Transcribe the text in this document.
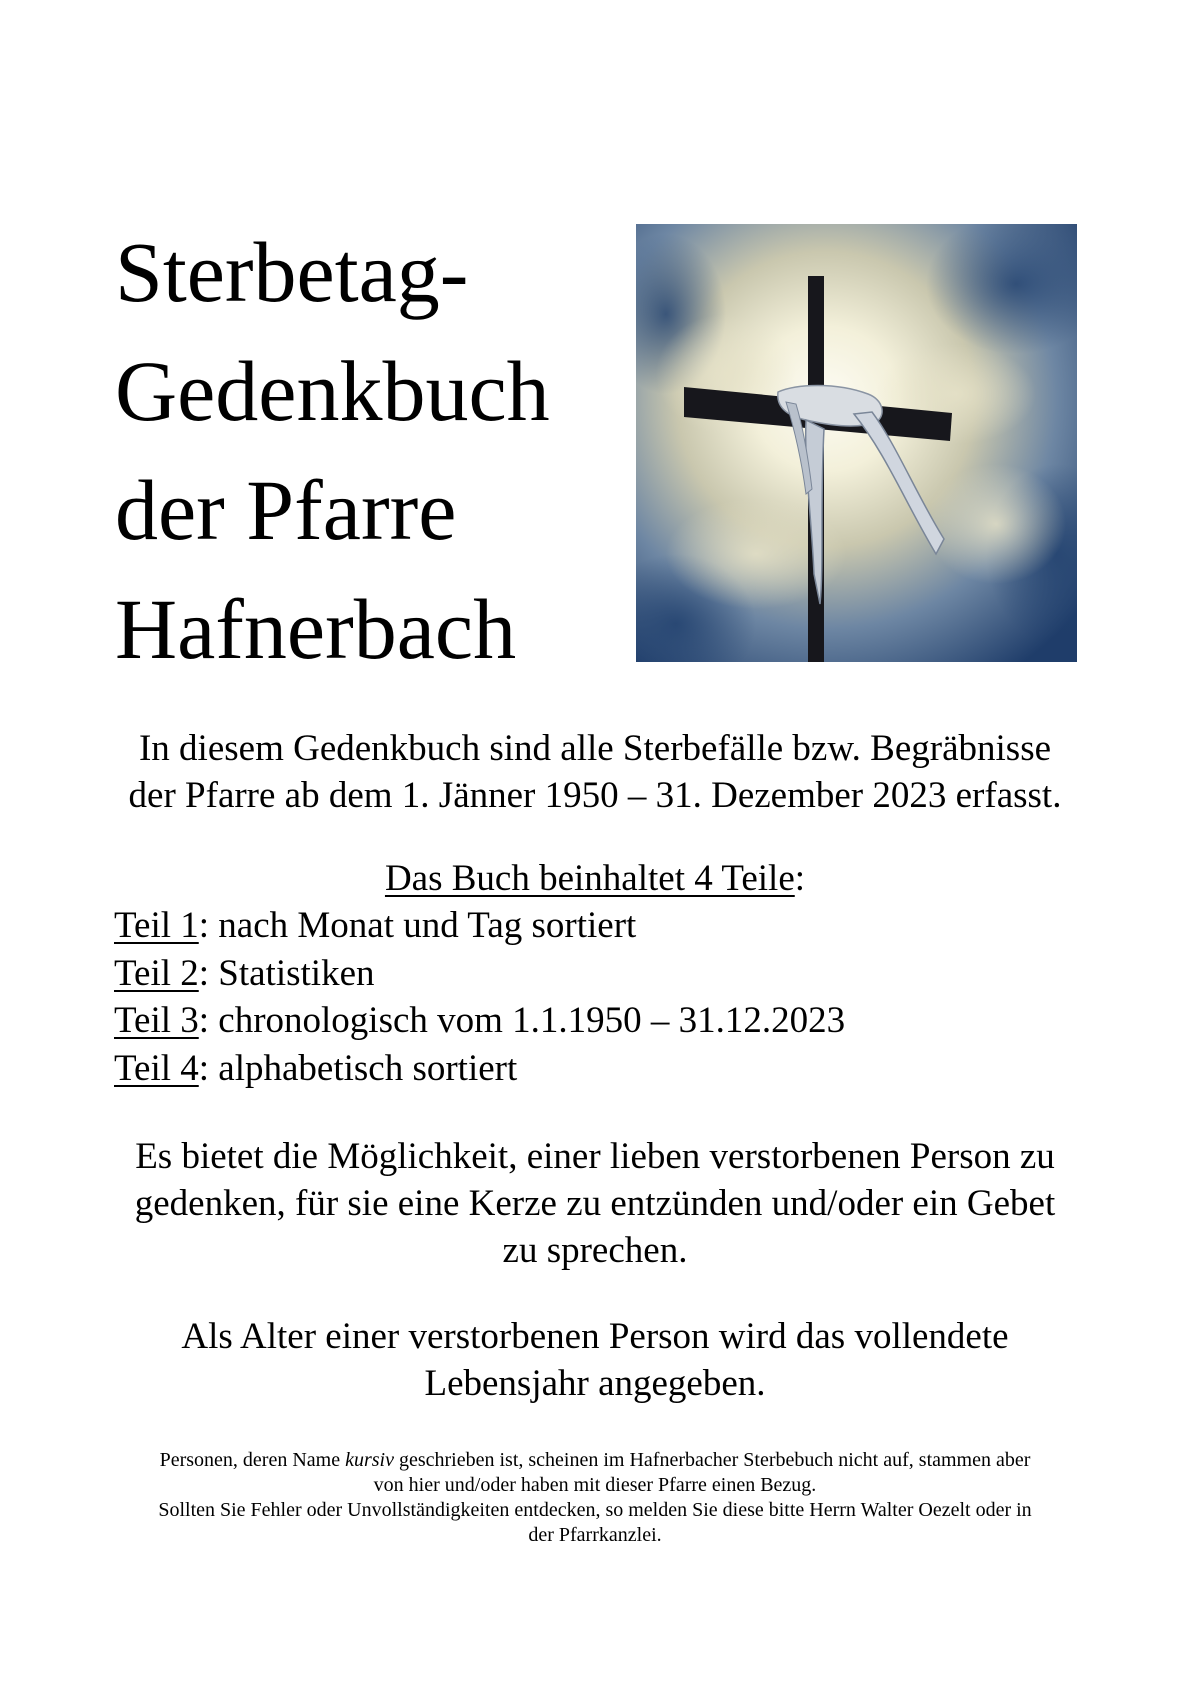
Sterbetag-
Gedenkbuch
der Pfarre
Hafnerbach

In diesem Gedenkbuch sind alle Sterbefälle bzw. Begräbnisse
der Pfarre ab dem 1. Jänner 1950 – 31. Dezember 2023 erfasst.

Das Buch beinhaltet 4 Teile:

Teil 1: nach Monat und Tag sortiert
Teil 2: Statistiken
Teil 3: chronologisch vom 1.1.1950 – 31.12.2023
Teil 4: alphabetisch sortiert

Es bietet die Möglichkeit, einer lieben verstorbenen Person zu
gedenken, für sie eine Kerze zu entzünden und/oder ein Gebet
zu sprechen.

Als Alter einer verstorbenen Person wird das vollendete
Lebensjahr angegeben.

Personen, deren Name kursiv geschrieben ist, scheinen im Hafnerbacher Sterbebuch nicht auf, stammen aber
von hier und/oder haben mit dieser Pfarre einen Bezug.

Sollten Sie Fehler oder Unvollständigkeiten entdecken, so melden Sie diese bitte Herrn Walter Oezelt oder in
der Pfarrkanzlei.
